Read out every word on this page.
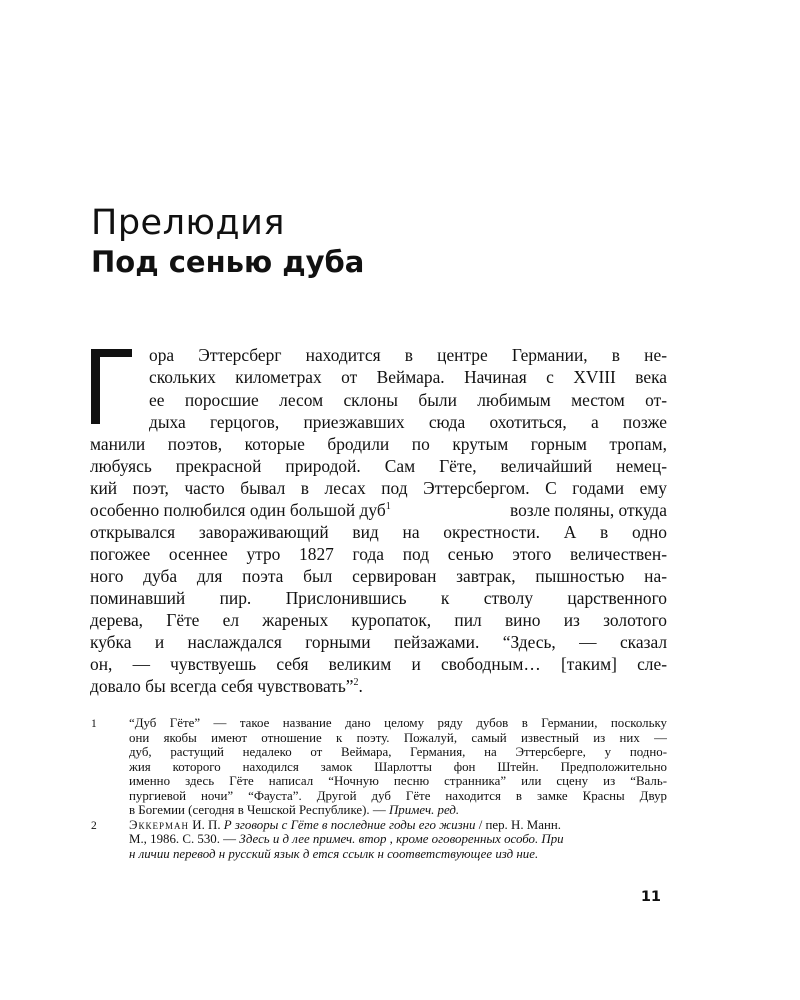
Прелюдия
Под сенью дуба
Г
ора Эттерсберг находится в центре Германии, в не-
скольких километрах от Веймара. Начиная с XVIII века
ее поросшие лесом склоны были любимым местом от-
дыха герцогов, приезжавших сюда охотиться, а позже
манили поэтов, которые бродили по крутым горным тропам,
любуясь прекрасной природой. Сам Гёте, величайший немец-
кий поэт, часто бывал в лесах под Эттерсбергом. С годами ему
особенно полюбился один большой дуб$^1$	возле поляны, откуда
открывался завораживающий вид на окрестности. А в одно
погожее осеннее утро 1827 года под сенью этого величествен-
ного дуба для поэта был сервирован завтрак, пышностью на-
поминавший пир. Прислонившись к стволу царственного
дерева, Гёте ел жареных куропаток, пил вино из золотого
кубка и наслаждался горными пейзажами. “Здесь, — сказал
он, — чувствуешь себя великим и свободным… [таким] сле-
довало бы всегда себя чувствовать”$^2$.
1	“Дуб Гёте” — такое название дано целому ряду дубов в Германии, поскольку
они якобы имеют отношение к поэту. Пожалуй, самый известный из них —
дуб, растущий недалеко от Веймара, Германия, на Эттерсберге, у подно-
жия которого находился замок Шарлотты фон Штейн. Предположительно
именно здесь Гёте написал “Ночную песню странника” или сцену из “Валь-
пургиевой ночи” “Фауста”. Другой дуб Гёте находится в замке Красны Двур
в Богемии (сегодня в Чешской Республике). — Примеч. ред.
2	Эккерман И. П. Р зговоры с Гёте в последние годы его жизни / пер. Н. Манн.
М., 1986. С. 530. — Здесь и д лее примеч. втор , кроме оговоренных особо. При
н личии перевод н русский язык д ется ссылк н соответствующее изд ние.
11
